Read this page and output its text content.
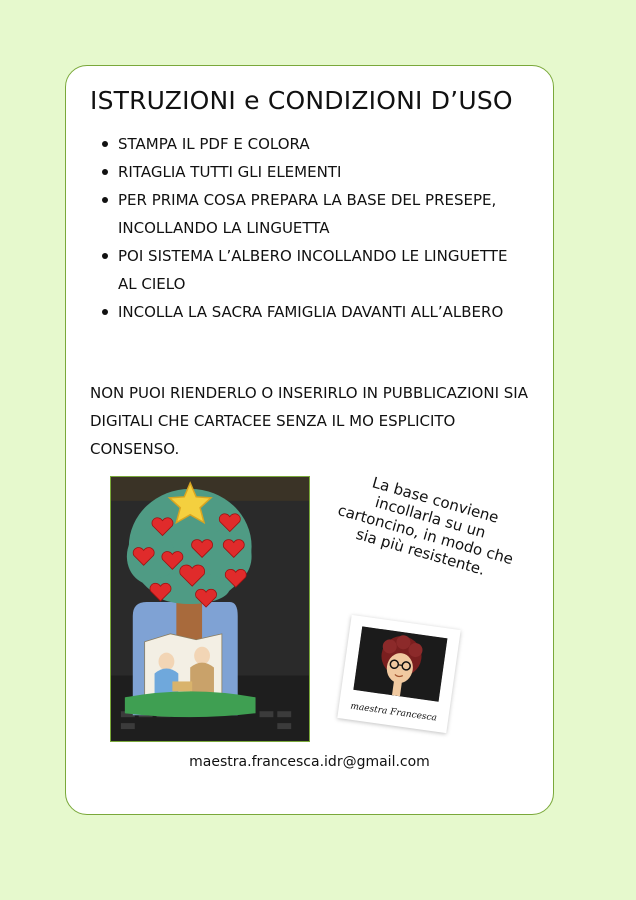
ISTRUZIONI e CONDIZIONI D’USO
STAMPA IL PDF E COLORA
RITAGLIA TUTTI GLI ELEMENTI
PER PRIMA COSA PREPARA LA BASE DEL PRESEPE, INCOLLANDO LA LINGUETTA
POI SISTEMA L’ALBERO INCOLLANDO LE LINGUETTE AL CIELO
INCOLLA LA SACRA FAMIGLIA DAVANTI ALL’ALBERO

NON PUOI RIENDERLO O INSERIRLO IN PUBBLICAZIONI SIA DIGITALI CHE CARTACEE SENZA IL MO ESPLICITO CONSENSO.

La base conviene incollarla su un cartoncino, in modo che sia più resistente.

maestra Francesca

maestra.francesca.idr@gmail.com
